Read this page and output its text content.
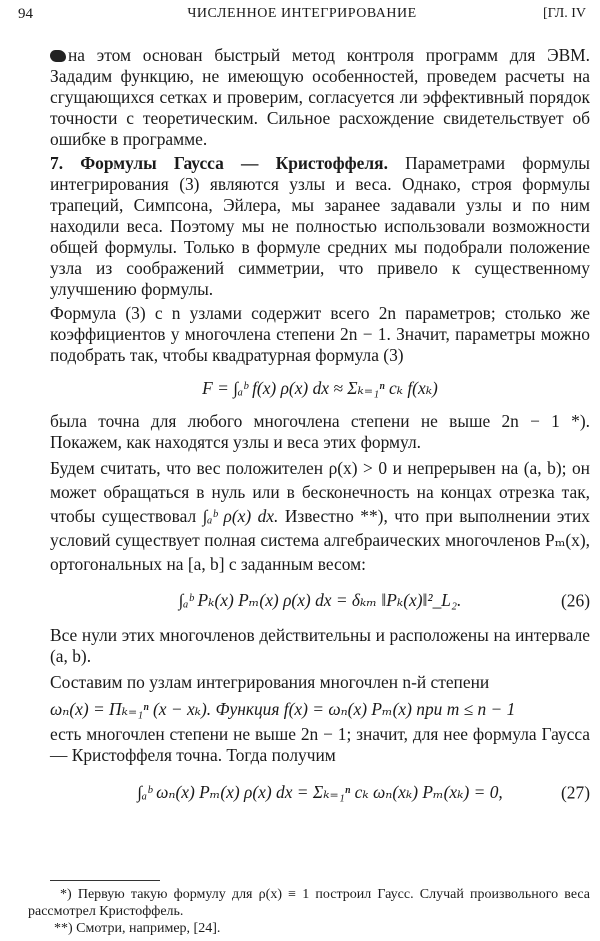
94	ЧИСЛЕННОЕ ИНТЕГРИРОВАНИЕ	[ГЛ. IV

на этом основан быстрый метод контроля программ для ЭВМ. Зададим функцию, не имеющую особенностей, проведем расчеты на сгущающихся сетках и проверим, согласуется ли эффективный порядок точности с теоретическим. Сильное расхождение свидетельствует об ошибке в программе.

7. Формулы Гаусса — Кристоффеля. Параметрами формулы интегрирования (3) являются узлы и веса. Однако, строя формулы трапеций, Симпсона, Эйлера, мы заранее задавали узлы и по ним находили веса. Поэтому мы не полностью использовали возможности общей формулы. Только в формуле средних мы подобрали положение узла из соображений симметрии, что привело к существенному улучшению формулы.

Формула (3) с n узлами содержит всего 2n параметров; столько же коэффициентов у многочлена степени 2n − 1. Значит, параметры можно подобрать так, чтобы квадратурная формула (3)

F = ∫ₐᵇ f(x) ρ(x) dx ≈ Σₖ₌₁ⁿ cₖ f(xₖ)

была точна для любого многочлена степени не выше 2n − 1 *). Покажем, как находятся узлы и веса этих формул.

Будем считать, что вес положителен ρ(x) > 0 и непрерывен на (a, b); он может обращаться в нуль или в бесконечность на концах отрезка так, чтобы существовал ∫ₐᵇ ρ(x) dx. Известно **), что при выполнении этих условий существует полная система алгебраических многочленов Pₘ(x), ортогональных на [a, b] с заданным весом:

∫ₐᵇ Pₖ(x) Pₘ(x) ρ(x) dx = δₖₘ ‖Pₖ(x)‖²_L₂.	(26)

Все нули этих многочленов действительны и расположены на интервале (a, b).

Составим по узлам интегрирования многочлен n-й степени

ωₙ(x) = Πₖ₌₁ⁿ (x − xₖ). Функция f(x) = ωₙ(x) Pₘ(x) при m ≤ n − 1

есть многочлен степени не выше 2n − 1; значит, для нее формула Гаусса — Кристоффеля точна. Тогда получим

∫ₐᵇ ωₙ(x) Pₘ(x) ρ(x) dx = Σₖ₌₁ⁿ cₖ ωₙ(xₖ) Pₘ(xₖ) = 0,	(27)
*) Первую такую формулу для ρ(x) ≡ 1 построил Гаусс. Случай произвольного веса рассмотрел Кристоффель.
**) Смотри, например, [24].
